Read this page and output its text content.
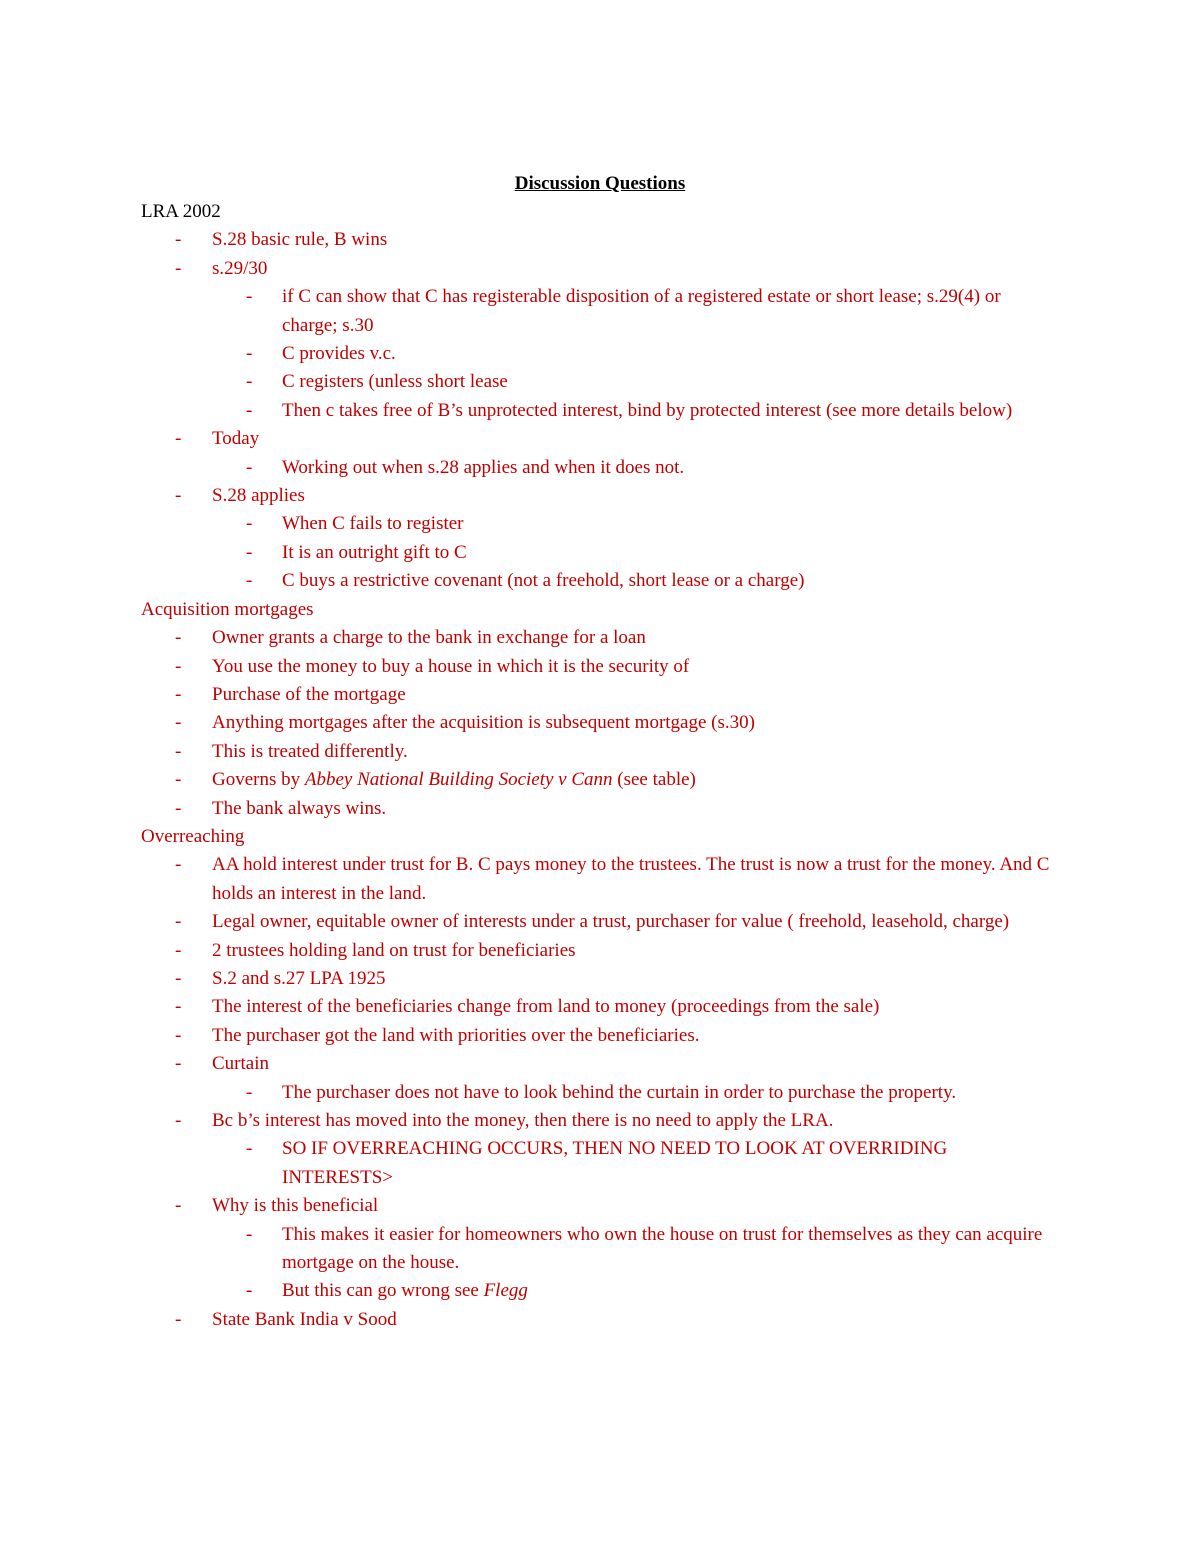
Discussion Questions
LRA 2002
- S.28 basic rule, B wins
- s.29/30
- if C can show that C has registerable disposition of a registered estate or short lease; s.29(4) or charge; s.30
- C provides v.c.
- C registers (unless short lease
- Then c takes free of B’s unprotected interest, bind by protected interest (see more details below)
- Today
- Working out when s.28 applies and when it does not.
- S.28 applies
- When C fails to register
- It is an outright gift to C
- C buys a restrictive covenant (not a freehold, short lease or a charge)
Acquisition mortgages
- Owner grants a charge to the bank in exchange for a loan
- You use the money to buy a house in which it is the security of
- Purchase of the mortgage
- Anything mortgages after the acquisition is subsequent mortgage (s.30)
- This is treated differently.
- Governs by Abbey National Building Society v Cann (see table)
- The bank always wins.
Overreaching
- AA hold interest under trust for B. C pays money to the trustees. The trust is now a trust for the money. And C holds an interest in the land.
- Legal owner, equitable owner of interests under a trust, purchaser for value ( freehold, leasehold, charge)
- 2 trustees holding land on trust for beneficiaries
- S.2 and s.27 LPA 1925
- The interest of the beneficiaries change from land to money (proceedings from the sale)
- The purchaser got the land with priorities over the beneficiaries.
- Curtain
- The purchaser does not have to look behind the curtain in order to purchase the property.
- Bc b’s interest has moved into the money, then there is no need to apply the LRA.
- SO IF OVERREACHING OCCURS, THEN NO NEED TO LOOK AT OVERRIDING INTERESTS>
- Why is this beneficial
- This makes it easier for homeowners who own the house on trust for themselves as they can acquire mortgage on the house.
- But this can go wrong see Flegg
- State Bank India v Sood
